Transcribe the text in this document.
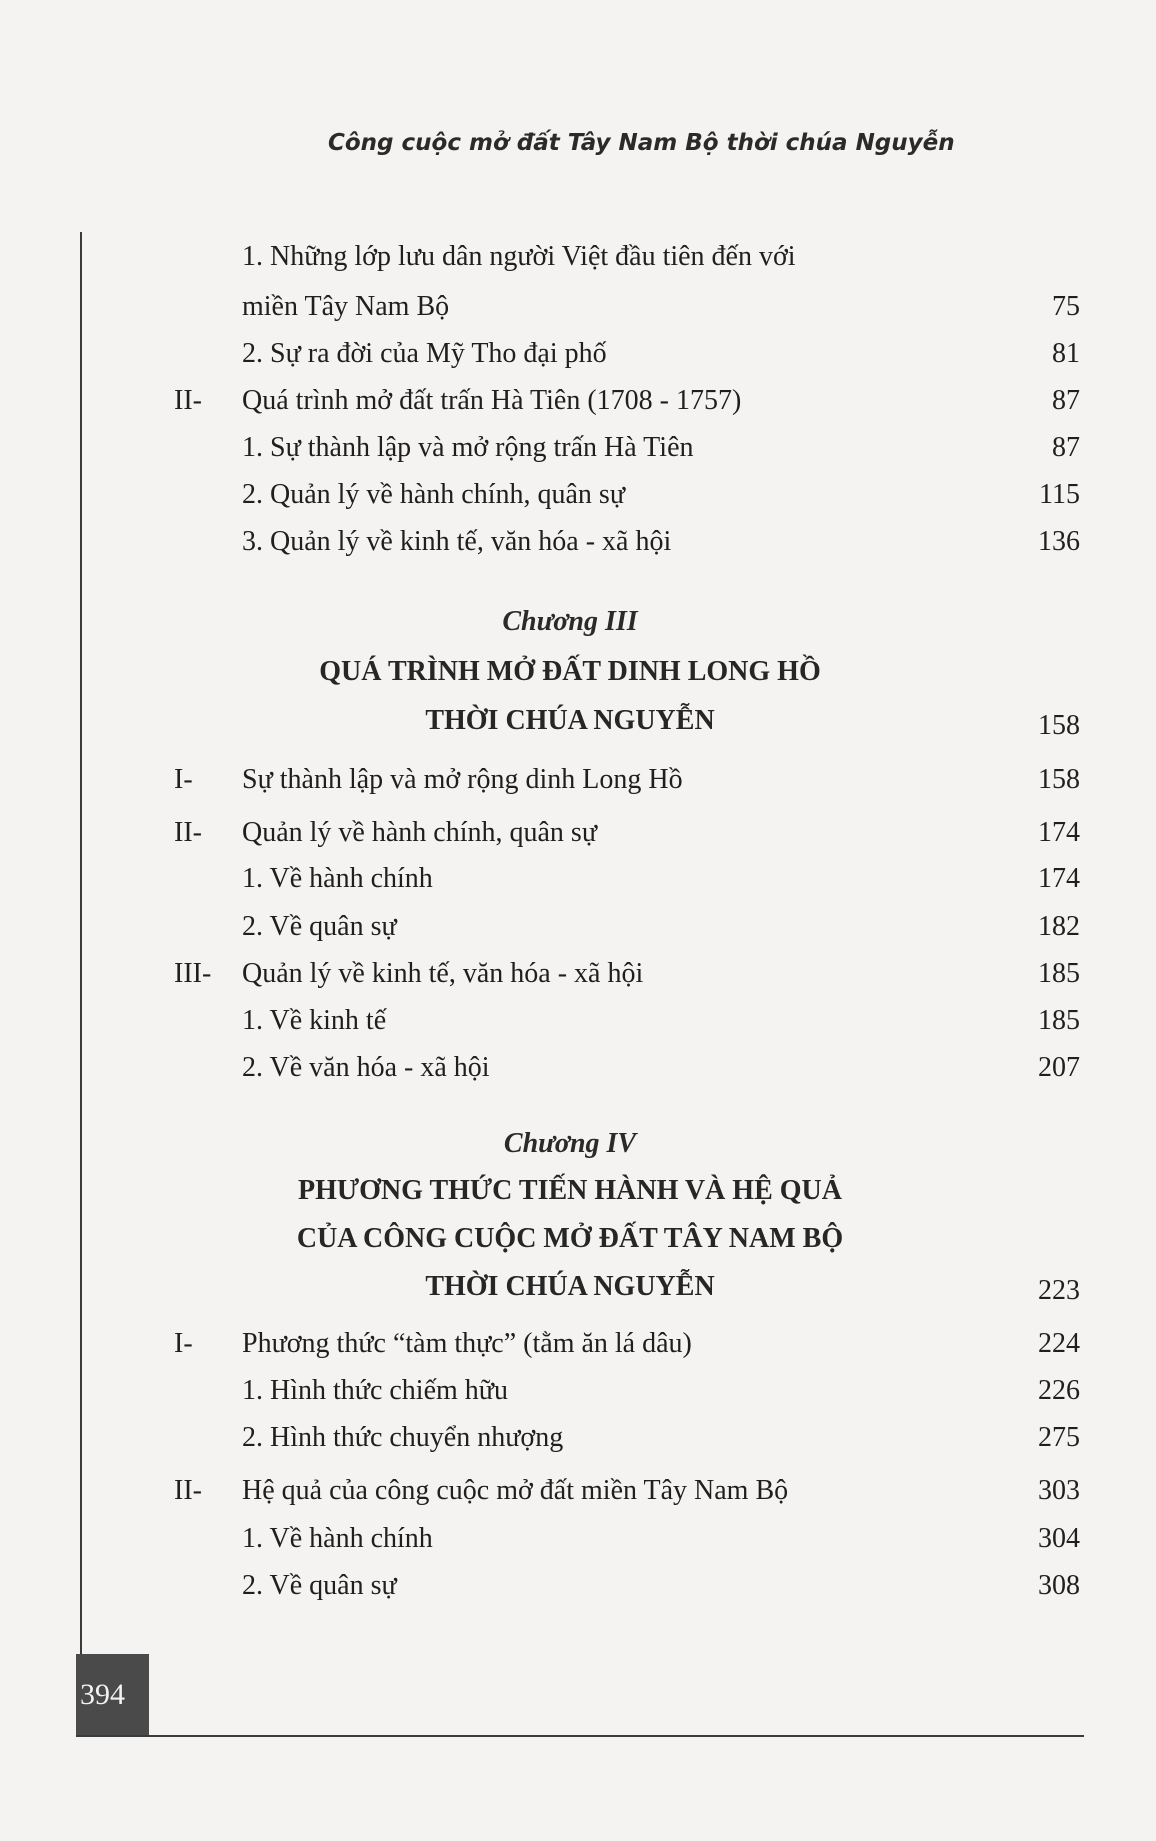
Công cuộc mở đất Tây Nam Bộ thời chúa Nguyễn
1. Những lớp lưu dân người Việt đầu tiên đến với
miền Tây Nam Bộ	75
2. Sự ra đời của Mỹ Tho đại phố	81
II- Quá trình mở đất trấn Hà Tiên (1708 - 1757)	87
1. Sự thành lập và mở rộng trấn Hà Tiên	87
2. Quản lý về hành chính, quân sự	115
3. Quản lý về kinh tế, văn hóa - xã hội	136
Chương III
QUÁ TRÌNH MỞ ĐẤT DINH LONG HỒ
THỜI CHÚA NGUYỄN	158
I- Sự thành lập và mở rộng dinh Long Hồ	158
II- Quản lý về hành chính, quân sự	174
1. Về hành chính	174
2. Về quân sự	182
III- Quản lý về kinh tế, văn hóa - xã hội	185
1. Về kinh tế	185
2. Về văn hóa - xã hội	207
Chương IV
PHƯƠNG THỨC TIẾN HÀNH VÀ HỆ QUẢ
CỦA CÔNG CUỘC MỞ ĐẤT TÂY NAM BỘ
THỜI CHÚA NGUYỄN	223
I- Phương thức “tàm thực” (tằm ăn lá dâu)	224
1. Hình thức chiếm hữu	226
2. Hình thức chuyển nhượng	275
II- Hệ quả của công cuộc mở đất miền Tây Nam Bộ	303
1. Về hành chính	304
2. Về quân sự	308
394
